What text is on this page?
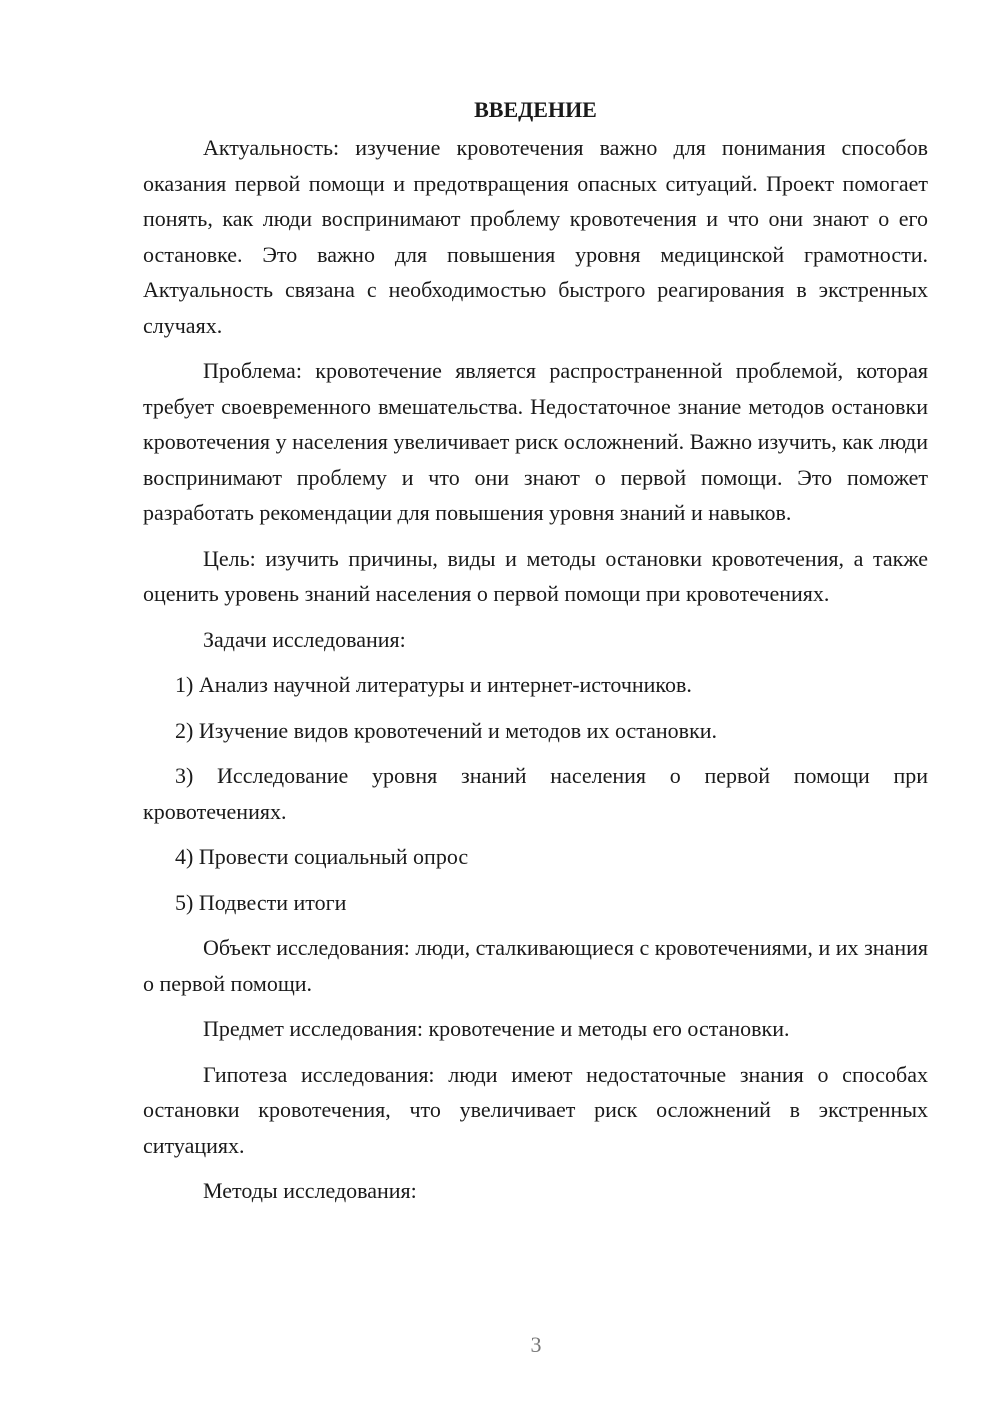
ВВЕДЕНИЕ

Актуальность: изучение кровотечения важно для понимания способов оказания первой помощи и предотвращения опасных ситуаций. Проект помогает понять, как люди воспринимают проблему кровотечения и что они знают о его остановке. Это важно для повышения уровня медицинской грамотности. Актуальность связана с необходимостью быстрого реагирования в экстренных случаях.

Проблема: кровотечение является распространенной проблемой, которая требует своевременного вмешательства. Недостаточное знание методов остановки кровотечения у населения увеличивает риск осложнений. Важно изучить, как люди воспринимают проблему и что они знают о первой помощи. Это поможет разработать рекомендации для повышения уровня знаний и навыков.

Цель: изучить причины, виды и методы остановки кровотечения, а также оценить уровень знаний населения о первой помощи при кровотечениях.

Задачи исследования:

1) Анализ научной литературы и интернет-источников.

2) Изучение видов кровотечений и методов их остановки.

3) Исследование уровня знаний населения о первой помощи при кровотечениях.

4) Провести социальный опрос

5) Подвести итоги

Объект исследования: люди, сталкивающиеся с кровотечениями, и их знания о первой помощи.

Предмет исследования: кровотечение и методы его остановки.

Гипотеза исследования: люди имеют недостаточные знания о способах остановки кровотечения, что увеличивает риск осложнений в экстренных ситуациях.

Методы исследования:

3
